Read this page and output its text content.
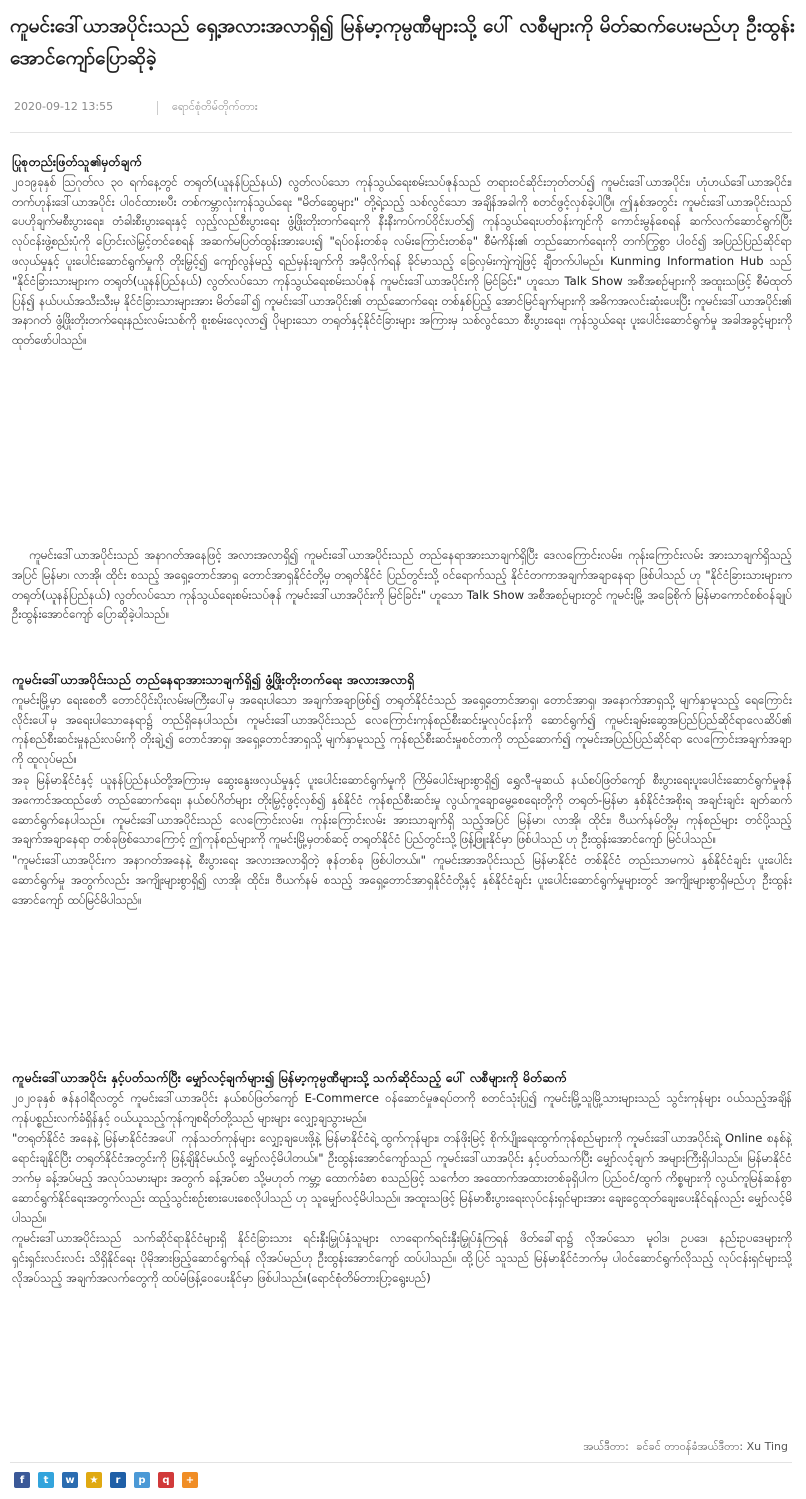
ကူမင်းဒေါ်ယာအပိုင်းသည် ရှေ့အလားအလာရှိ၍ မြန်မာ့ကုမ္ပဏီများသို့ ပေါ် လစီများကို မိတ်ဆက်ပေးမည်ဟု ဦးထွန်းအောင်ကျော်ပြောဆိုခဲ့
2020-09-12 13:55	ရောင်စုံတိမ်တိုက်တား

ပြုစုတည်းဖြတ်သူ၏မှတ်ချက်

၂၀၁၉ခုနှစ် ဩဂုတ်လ ၃၀ ရက်နေ့တွင် တရုတ်(ယူနန်ပြည်နယ်) လွတ်လပ်သော ကုန်သွယ်ရေးစမ်းသပ်ဇုန်သည် တရားဝင်ဆိုင်းဘုတ်တပ်၍ ကူမင်းဒေါ်ယာအပိုင်း၊ ဟုံဟယ်ဒေါ်ယာအပိုင်း၊ တက်ဟုန်းဒေါ်ယာအပိုင်း ပါဝင်ထားၿပီး တစ်ကမ္ဘာလုံးကုန်သွယ်ရေး "မိတ်ဆွေများ" တို့ရဲ့သည့် သစ်လွင်သော အချိန်အခါကို စတင်ဖွင့်လှစ်ခဲ့ပါပြီ။ ဤနှစ်အတွင်း ကူမင်းဒေါ်ယာအပိုင်းသည် ပေဟိုချက်မစီးပွားရေး၊ တံခါးစီးပွားရေးနှင့် လှည့်လည်စီးပွားရေး ဖွံ့ဖြိုးတိုးတက်ရေးကို နီးနီးကပ်ကပ်ဝိုင်းပတ်၍ ကုန်သွယ်ရေးပတ်ဝန်းကျင်ကို ကောင်းမွန်စေရန် ဆက်လက်ဆောင်ရွက်ပြီး လုပ်ငန်းဖွဲ့စည်းပုံကို ပြောင်းလဲမြှင့်တင်စေရန် အဆက်မပြတ်ထွန်းအားပေး၍ "ရပ်ဝန်းတစ်ခု လမ်းကြောင်းတစ်ခု" စီမံကိန်း၏ တည်ဆောက်ရေးကို တက်ကြွစွာ ပါဝင်၍ အပြည်ပြည်ဆိုင်ရာ ဖလှယ်မှုနှင့် ပူးပေါင်းဆောင်ရွက်မှုကို တိုးမြှင့်၍ ကျော်လွန်မည့် ရည်မှန်းချက်ကို အမှီလိုက်ရန် ခိုင်မာသည့် ခြေလှမ်းကျဲကျဲဖြင့် ချီတက်ပါမည်။ Kunming Information Hub သည် "နိုင်ငံခြားသားများက တရုတ်(ယူနန်ပြည်နယ်) လွတ်လပ်သော ကုန်သွယ်ရေးစမ်းသပ်ဇုန် ကူမင်းဒေါ်ယာအပိုင်းကို မြင်ခြင်း" ဟူသော Talk Show အစီအစဉ်များကို အထူးသဖြင့် စီမံထုတ်ပြန်၍ နယ်ပယ်အသီးသီးမှ နိုင်ငံခြားသားများအား မိတ်ခေါ်၍ ကူမင်းဒေါ်ယာအပိုင်း၏ တည်ဆောက်ရေး တစ်နှစ်ပြည့် အောင်မြင်ချက်များကို အဓိကအလင်းဆုံးပေးပြီး ကူမင်းဒေါ်ယာအပိုင်း၏ အနာဂတ် ဖွံ့ဖြိုးတိုးတက်ရေးနည်းလမ်းသစ်ကို စူးစမ်းလေ့လာ၍ ပိုများသော တရုတ်နှင့်နိုင်ငံခြားများ အကြားမှ သစ်လွင်သော စီးပွားရေး၊ ကုန်သွယ်ရေး ပူးပေါင်းဆောင်ရွက်မှု အခါအခွင့်များကို ထုတ်ဖော်ပါသည်။

ကူမင်းဒေါ်ယာအပိုင်းသည် အနာဂတ်အနေဖြင့် အလားအလာရှိ၍ ကူမင်းဒေါ်ယာအပိုင်းသည် တည်နေရာအားသာချက်ရှိပြီး ဒေလကြောင်းလမ်း၊ ကုန်းကြောင်းလမ်း အားသာချက်ရှိသည့်အပြင် မြန်မာ၊ လာအို၊ ထိုင်း စသည့် အရှေ့တောင်အာရှ တောင်အာရှနိုင်ငံတို့မှ တရုတ်နိုင်ငံ ပြည်တွင်းသို့ ဝင်ရောက်သည့် နိုင်ငံတကာအချက်အချာနေရာ ဖြစ်ပါသည် ဟု "နိုင်ငံခြားသားများက တရုတ်(ယူနန်ပြည်နယ်) လွတ်လပ်သော ကုန်သွယ်ရေးစမ်းသပ်ဇုန် ကူမင်းဒေါ်ယာအပိုင်းကို မြင်ခြင်း" ဟူသော Talk Show အစီအစဉ်များတွင် ကူမင်းမြို့ အခြေစိုက် မြန်မာကောင်စစ်ဝန်ချုပ် ဦးထွန်းအောင်ကျော် ပြောဆိုခဲ့ပါသည်။

ကူမင်းဒေါ်ယာအပိုင်းသည် တည်နေရာအားသာချက်ရှိ၍ ဖွံ့ဖြိုးတိုးတက်ရေး အလားအလာရှိ

ကူမင်းမြို့မှာ ရေးစေတီ တောင်ပိုင်းပိုးလမ်းမကြီးပေါ်မှ အရေးပါသော အချက်အချာဖြစ်၍ တရုတ်နိုင်ငံသည် အရှေ့တောင်အာရှ၊ တောင်အာရှ၊ အနောက်အာရှသို့ မျက်နှာမူသည့် ရေကြောင်းလိုင်းပေါ်မှ အရေးပါသောနေရာ၌ တည်ရှိနေပါသည်။ ကူမင်းဒေါ်ယာအပိုင်းသည် လေကြောင်းကုန်စည်စီးဆင်းမှုလုပ်ငန်းကို ဆောင်ရွက်၍ ကူမင်းချမ်းဆွေအပြည်ပြည်ဆိုင်ရာလေဆိပ်၏ ကုန်စည်စီးဆင်းမှုနည်းလမ်းကို တိုးချဲ့၍ တောင်အာရှ၊ အရှေ့တောင်အာရှသို့ မျက်နှာမူသည့် ကုန်စည်စီးဆင်းမှုစင်တာကို တည်ဆောက်၍ ကူမင်းအပြည်ပြည်ဆိုင်ရာ လေကြောင်းအချက်အချာကို ထူလုပ်မည်။

အခု မြန်မာနိုင်ငံနှင့် ယူနန်ပြည်နယ်တို့အကြားမှ ဆွေးနွေးဖလှယ်မှုနှင့် ပူးပေါင်းဆောင်ရွက်မှုကို ကြိမ်ပေါင်းများစွာရှိ၍ ရွှေလီ-မူဆယ် နယ်စပ်ဖြတ်ကျော် စီးပွားရေးပူးပေါင်းဆောင်ရွက်မှုဇုန် အကောင်အထည်ဖော် တည်ဆောက်ရေး၊ နယ်စပ်ဂိတ်များ တိုးမြှင့်ဖွင့်လှစ်၍ နှစ်နိုင်ငံ ကုန်စည်စီးဆင်းမှု လွယ်ကူချောမွေ့စေရေးတို့ကို တရုတ်-မြန်မာ နှစ်နိုင်ငံအစိုးရ အချင်းချင်း ချတ်ဆက်ဆောင်ရွက်နေပါသည်။ ကူမင်းဒေါ်ယာအပိုင်းသည် လေကြောင်းလမ်း၊ ကုန်းကြောင်းလမ်း အားသာချက်ရှိ သည့်အပြင် မြန်မာ၊ လာအို၊ ထိုင်း၊ ဗီယက်နမ်တို့မှ ကုန်စည်များ တင်ပို့သည့် အချက်အချာနေရာ တစ်ခုဖြစ်သောကြောင့် ဤကုန်စည်များကို ကူမင်းမြို့မှတစ်ဆင့် တရုတ်နိုင်ငံ ပြည်တွင်းသို့ ဖြန့်ဖြူးနိုင်မှာ ဖြစ်ပါသည် ဟု ဦးထွန်းအောင်ကျော် မြင်ပါသည်။

"ကူမင်းဒေါ်ယာအပိုင်းက အနာဂတ်အနေနဲ့ စီးပွားရေး အလားအလာရှိတဲ့ ဇုန်တစ်ခု ဖြစ်ပါတယ်။" ကူမင်းအာအပိုင်းသည် မြန်မာနိုင်ငံ တစ်နိုင်ငံ တည်းသာမကပဲ နှစ်နိုင်ငံချင်း ပူးပေါင်းဆောင်ရွက်မှု အတွက်လည်း အကျိုးများစွာရှိ၍ လာအို၊ ထိုင်း၊ ဗီယက်နမ် စသည့် အရှေ့တောင်အာရှနိုင်ငံတို့နှင့် နှစ်နိုင်ငံချင်း ပူးပေါင်းဆောင်ရွက်မှုများတွင် အကျိုးများစွာရှိမည်ဟု ဦးထွန်းအောင်ကျော် ထပ်မြင်မိပါသည်။

ကူမင်းဒေါ်ယာအပိုင်း နှင့်ပတ်သက်ပြီး မျှော်လင့်ချက်များ၍ မြန်မာ့ကုမ္ပဏီများသို့ သက်ဆိုင်သည့် ပေါ် လစီများကို မိတ်ဆက်

၂၀၂၀ခုနှစ် ဇန်နဝါရီလတွင် ကူမင်းဒေါ်ယာအပိုင်း နယ်စပ်ဖြတ်ကျော် E-Commerce ဝန်ဆောင်မှုဇရပ်တကို စတင်သုံးပြု၍ ကူမင်းမြို့သူမြို့သားများသည် သွင်းကုန်များ ဝယ်သည့်အချိန် ကုန်ပစ္စည်းလက်ခံရှိန်နှင့် ဝယ်ယူသည့်ကုန်ကျစရိတ်တို့သည် များများ လျှော့ချသွားမည်။

"တရုတ်နိုင်ငံ အနေနဲ့ မြန်မာနိုင်ငံအပေါ် ကုန်သတ်ကုန်များ လျှော့ချပေးဖို့နဲ့ မြန်မာနိုင်ငံရဲ့ ထွက်ကုန်များ၊ တန်ဖိုးမြင့် စိုက်ပျိုးရေးထွက်ကုန်စည်များကို ကူမင်းဒေါ်ယာအပိုင်းရဲ့ Online စနစ်နဲ့ ရောင်းချနိုင်ပြီး တရုတ်နိုင်ငံအတွင်းကို ဖြန့်ချိနိုင်မယ်လို့ မျှော်လင့်မိပါတယ်။" ဦးထွန်းအောင်ကျော်သည် ကူမင်းဒေါ်ယာအပိုင်း နှင့်ပတ်သက်ပြီး မျှော်လင့်ချက် အများကြီးရှိပါသည်။ မြန်မာနိုင်ငံဘက်မှ ခန့်အပ်မည့် အလုပ်သမားများ အတွက် ခန့်အပ်စာ သို့မဟုတ် ကမ္ဘာ့ ထောက်ခံစာ စသည်ဖြင့် သင်္ကေတ အထောက်အထားတစ်ခုရှိပါက ပြည်ဝင်/ထွက် ကိစ္စများကို လွယ်ကူမြန်ဆန်စွာ ဆောင်ရွက်နိုင်ရေးအတွက်လည်း ထည့်သွင်းစဉ်းစားပေးစေလိုပါသည် ဟု သူမျှော်လင့်မိပါသည်။ အထူးသဖြင့် မြန်မာစီးပွားရေးလုပ်ငန်းရှင်များအား ချေးငွေထုတ်ချေးပေးနိုင်ရန်လည်း မျှော်လင့်မိပါသည်။

ကူမင်းဒေါ်ယာအပိုင်းသည် သက်ဆိုင်ရာနိုင်ငံများရှိ နိုင်ငံခြားသား ရင်းနှီးမြှုပ်နှံသူများ လာရောက်ရင်းနှီးမြှုပ်နှံကြရန် ဖိတ်ခေါ်ရာ၌ လိုအပ်သော မူဝါဒ၊ ဥပဒေ၊ နည်းဥပဒေများကို ရှင်းရှင်းလင်းလင်း သိရှိနိုင်ရေး ပိုမိုအားဖြည့်ဆောင်ရွက်ရန် လိုအပ်မည်ဟု ဦးထွန်းအောင်ကျော် ထပ်ပါသည်။ ထို့ပြင် သူသည် မြန်မာနိုင်ငံဘက်မှ ပါဝင်ဆောင်ရွက်လိုသည့် လုပ်ငန်းရှင်များသို့ လိုအပ်သည့် အချက်အလက်တွေကို ထပ်မံဖြန့်ဝေပေးနိုင်မှာ ဖြစ်ပါသည်။(ရောင်စုံတိမ်တားပြာ့ရွေးပည်)

အယ်ဒီတာ: ခင်ခင် တာဝန်ခံအယ်ဒီတာ: Xu Ting
f	t	w	★	r	p	q	+
